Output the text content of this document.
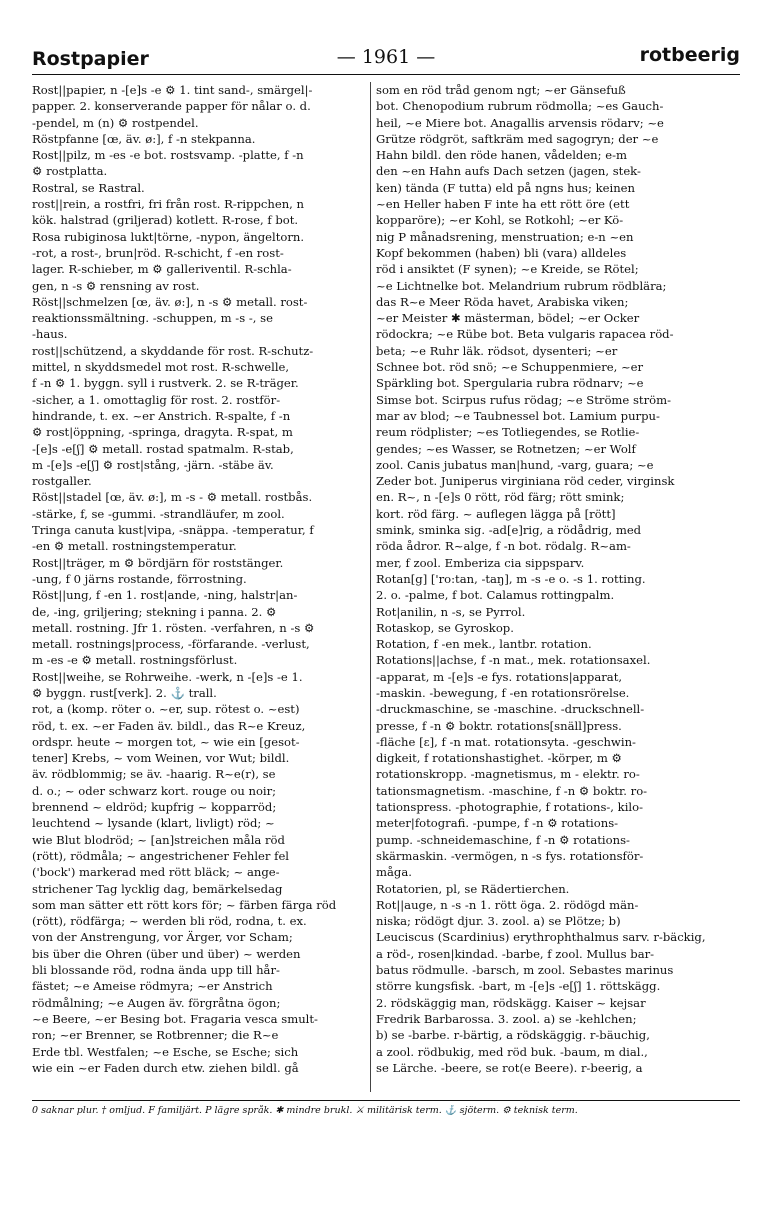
Rostpapier	— 1961 —	rotbeerig
Rost||papier, n -[e]s -e ⚙ 1. tint sand-, smärgel|-
papper. 2. konserverande papper för nålar o. d.
-pendel, m (n) ⚙ rostpendel.
Röstpfanne [œ, äv. ø:], f -n stekpanna.
Rost||pilz, m -es -e bot. rostsvamp. -platte, f -n
⚙ rostplatta.
Rostral, se Rastral.
rost||rein, a rostfri, fri från rost. R-rippchen, n
kök. halstrad (griljerad) kotlett. R-rose, f bot.
Rosa rubiginosa lukt|törne, -nypon, ängeltorn.
-rot, a rost-, brun|röd. R-schicht, f -en rost-
lager. R-schieber, m ⚙ galleriventil. R-schla-
gen, n -s ⚙ rensning av rost.
Röst||schmelzen [œ, äv. ø:], n -s ⚙ metall. rost-
reaktionssmältning. -schuppen, m -s -, se
-haus.
rost||schützend, a skyddande för rost. R-schutz-
mittel, n skyddsmedel mot rost. R-schwelle,
f -n ⚙ 1. byggn. syll i rustverk. 2. se R-träger.
-sicher, a 1. omottaglig för rost. 2. rostför-
hindrande, t. ex. ~er Anstrich. R-spalte, f -n
⚙ rost|öppning, -springa, dragyta. R-spat, m
-[e]s -e[ʃ] ⚙ metall. rostad spatmalm. R-stab,
m -[e]s -e[ʃ] ⚙ rost|stång, -järn. -stäbe äv.
rostgaller.
Röst||stadel [œ, äv. ø:], m -s - ⚙ metall. rostbås.
-stärke, f, se -gummi. -strandläufer, m zool.
Tringa canuta kust|vipa, -snäppa. -temperatur, f
-en ⚙ metall. rostningstemperatur.
Rost||träger, m ⚙ bördjärn för roststänger.
-ung, f 0 järns rostande, förrostning.
Röst||ung, f -en 1. rost|ande, -ning, halstr|an-
de, -ing, griljering; stekning i panna. 2. ⚙
metall. rostning. Jfr 1. rösten. -verfahren, n -s ⚙
metall. rostnings|process, -förfarande. -verlust,
m -es -e ⚙ metall. rostningsförlust.
Rost||weihe, se Rohrweihe. -werk, n -[e]s -e 1.
⚙ byggn. rust[verk]. 2. ⚓ trall.
rot, a (komp. röter o. ~er, sup. rötest o. ~est)
röd, t. ex. ~er Faden äv. bildl., das R~e Kreuz,
ordspr. heute ~ morgen tot, ~ wie ein [gesot-
tener] Krebs, ~ vom Weinen, vor Wut; bildl.
äv. rödblommig; se äv. -haarig. R~e(r), se
d. o.; ~ oder schwarz kort. rouge ou noir;
brennend ~ eldröd; kupfrig ~ kopparröd;
leuchtend ~ lysande (klart, livligt) röd; ~
wie Blut blodröd; ~ [an]streichen måla röd
(rött), rödmåla; ~ angestrichener Fehler fel
('bock') markerad med rött bläck; ~ ange-
strichener Tag lycklig dag, bemärkelsedag
som man sätter ett rött kors för; ~ färben färga röd
(rött), rödfärga; ~ werden bli röd, rodna, t. ex.
von der Anstrengung, vor Ärger, vor Scham;
bis über die Ohren (über und über) ~ werden
bli blossande röd, rodna ända upp till hår-
fästet; ~e Ameise rödmyra; ~er Anstrich
rödmålning; ~e Augen äv. förgråtna ögon;
~e Beere, ~er Besing bot. Fragaria vesca smult-
ron; ~er Brenner, se Rotbrenner; die R~e
Erde tbl. Westfalen; ~e Esche, se Esche; sich
wie ein ~er Faden durch etw. ziehen bildl. gå
som en röd tråd genom ngt; ~er Gänsefuß
bot. Chenopodium rubrum rödmolla; ~es Gauch-
heil, ~e Miere bot. Anagallis arvensis rödarv; ~e
Grütze rödgröt, saftkräm med sagogryn; der ~e
Hahn bildl. den röde hanen, vådelden; e-m
den ~en Hahn aufs Dach setzen (jagen, stek-
ken) tända (F tutta) eld på ngns hus; keinen
~en Heller haben F inte ha ett rött öre (ett
kopparöre); ~er Kohl, se Rotkohl; ~er Kö-
nig P månadsrening, menstruation; e-n ~en
Kopf bekommen (haben) bli (vara) alldeles
röd i ansiktet (F synen); ~e Kreide, se Rötel;
~e Lichtnelke bot. Melandrium rubrum rödblära;
das R~e Meer Röda havet, Arabiska viken;
~er Meister ✱ mästerman, bödel; ~er Ocker
rödockra; ~e Rübe bot. Beta vulgaris rapacea röd-
beta; ~e Ruhr läk. rödsot, dysenteri; ~er
Schnee bot. röd snö; ~e Schuppenmiere, ~er
Spärkling bot. Spergularia rubra rödnarv; ~e
Simse bot. Scirpus rufus rödag; ~e Ströme ström-
mar av blod; ~e Taubnessel bot. Lamium purpu-
reum rödplister; ~es Totliegendes, se Rotlie-
gendes; ~es Wasser, se Rotnetzen; ~er Wolf
zool. Canis jubatus man|hund, -varg, guara; ~e
Zeder bot. Juniperus virginiana röd ceder, virginsk
en. R~, n -[e]s 0 rött, röd färg; rött smink;
kort. röd färg. ~ auflegen lägga på [rött]
smink, sminka sig. -ad[e]rig, a rödådrig, med
röda ådror. R~alge, f -n bot. rödalg. R~am-
mer, f zool. Emberiza cia sippsparv.
Rotan[g] ['ro:tan, -taŋ], m -s -e o. -s 1. rotting.
2. o. -palme, f bot. Calamus rottingpalm.
Rot|anilin, n -s, se Pyrrol.
Rotaskop, se Gyroskop.
Rotation, f -en mek., lantbr. rotation.
Rotations||achse, f -n mat., mek. rotationsaxel.
-apparat, m -[e]s -e fys. rotations|apparat,
-maskin. -bewegung, f -en rotationsrörelse.
-druckmaschine, se -maschine. -druckschnell-
presse, f -n ⚙ boktr. rotations[snäll]press.
-fläche [ɛ], f -n mat. rotationsyta. -geschwin-
digkeit, f rotationshastighet. -körper, m ⚙
rotationskropp. -magnetismus, m - elektr. ro-
tationsmagnetism. -maschine, f -n ⚙ boktr. ro-
tationspress. -photographie, f rotations-, kilo-
meter|fotografi. -pumpe, f -n ⚙ rotations-
pump. -schneidemaschine, f -n ⚙ rotations-
skärmaskin. -vermögen, n -s fys. rotationsför-
måga.
Rotatorien, pl, se Rädertierchen.
Rot||auge, n -s -n 1. rött öga. 2. rödögd män-
niska; rödögt djur. 3. zool. a) se Plötze; b)
Leuciscus (Scardinius) erythrophthalmus sarv. r-bäckig,
a röd-, rosen|kindad. -barbe, f zool. Mullus bar-
batus rödmulle. -barsch, m zool. Sebastes marinus
större kungsfisk. -bart, m -[e]s -e[ʃ] 1. röttskägg.
2. rödskäggig man, rödskägg. Kaiser ~ kejsar
Fredrik Barbarossa. 3. zool. a) se -kehlchen;
b) se -barbe. r-bärtig, a rödskäggig. r-bäuchig,
a zool. rödbukig, med röd buk. -baum, m dial.,
se Lärche. -beere, se rot(e Beere). r-beerig, a
0 saknar plur. † omljud. F familjärt. P lägre språk. ✱ mindre brukl. ⚔ militärisk term. ⚓ sjöterm. ⚙ teknisk term.
